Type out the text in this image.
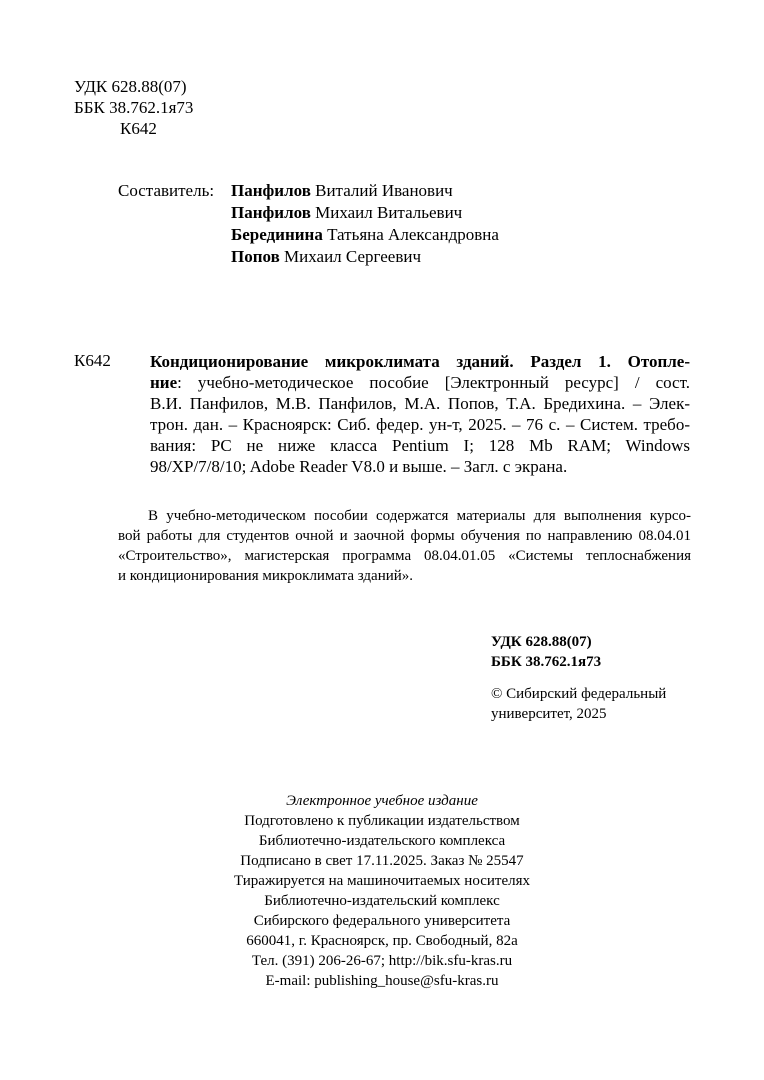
УДК 628.88(07)
ББК 38.762.1я73
К642
Составитель: Панфилов Виталий Иванович
Панфилов Михаил Витальевич
Берединина Татьяна Александровна
Попов Михаил Сергеевич
К642 Кондиционирование микроклимата зданий. Раздел 1. Отопле-
ние: учебно-методическое пособие [Электронный ресурс] / сост.
В.И. Панфилов, М.В. Панфилов, М.А. Попов, Т.А. Бредихина. – Элек-
трон. дан. – Красноярск: Сиб. федер. ун-т, 2025. – 76 с. – Систем. требо-
вания: PC не ниже класса Pentium I; 128 Mb RAM; Windows
98/XP/7/8/10; Adobe Reader V8.0 и выше. – Загл. с экрана.
В учебно-методическом пособии содержатся материалы для выполнения курсо-
вой работы для студентов очной и заочной формы обучения по направлению 08.04.01
«Строительство», магистерская программа 08.04.01.05 «Системы теплоснабжения
и кондиционирования микроклимата зданий».
УДК 628.88(07)
ББК 38.762.1я73
© Сибирский федеральный
университет, 2025
Электронное учебное издание
Подготовлено к публикации издательством
Библиотечно-издательского комплекса
Подписано в свет 17.11.2025. Заказ № 25547
Тиражируется на машиночитаемых носителях
Библиотечно-издательский комплекс
Сибирского федерального университета
660041, г. Красноярск, пр. Свободный, 82а
Тел. (391) 206-26-67; http://bik.sfu-kras.ru
E-mail: publishing_house@sfu-kras.ru
